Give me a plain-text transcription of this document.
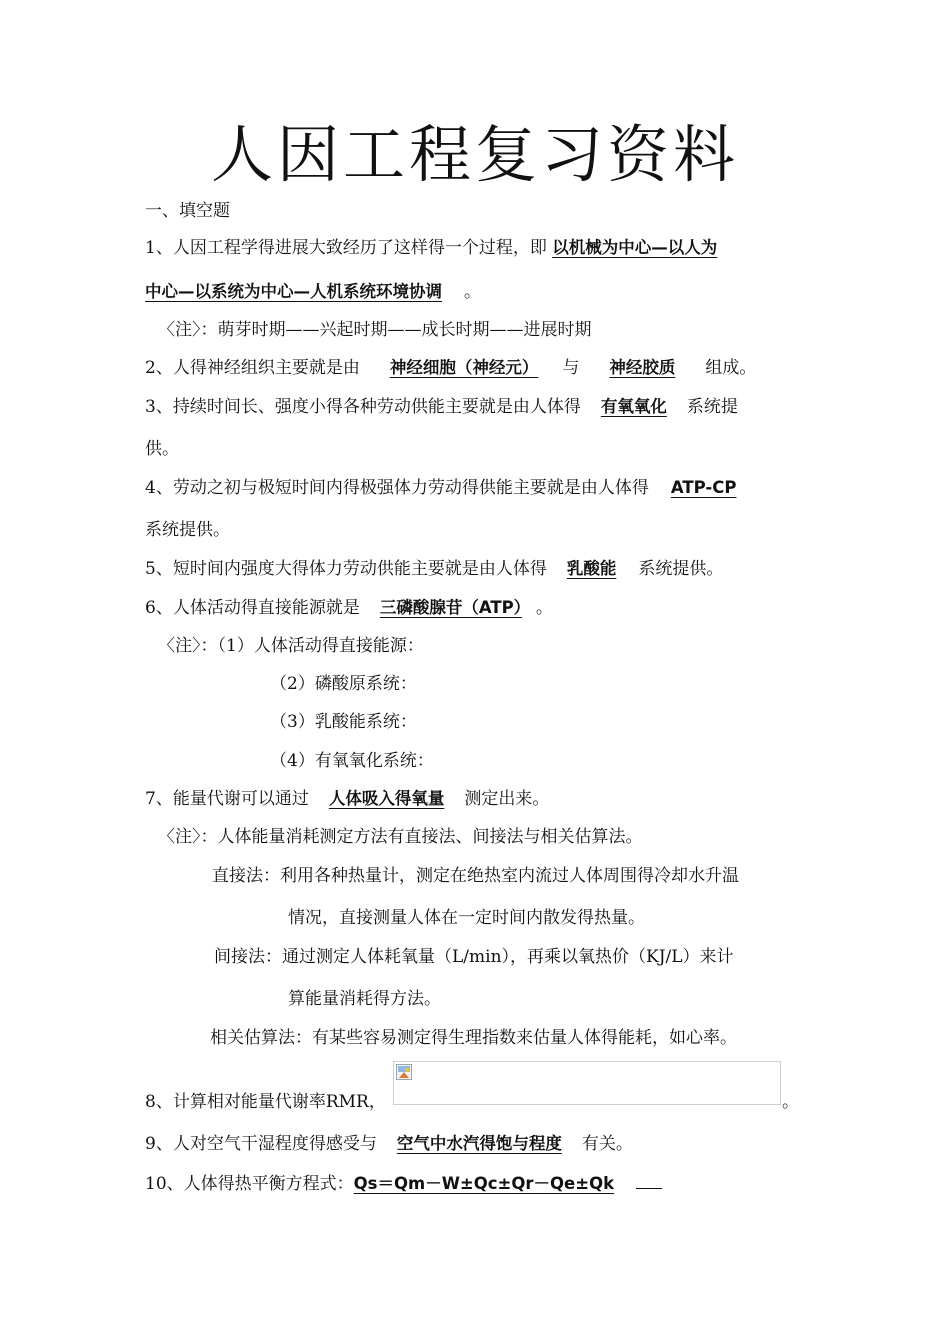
人因工程复习资料
一、填空题
1、人因工程学得进展大致经历了这样得一个过程，即 以机械为中心—以人为
中心—以系统为中心—人机系统环境协调 。
〈注〉：萌芽时期——兴起时期——成长时期——进展时期
2、人得神经组织主要就是由 神经细胞（神经元） 与 神经胶质 组成。
3、持续时间长、强度小得各种劳动供能主要就是由人体得 有氧氧化 系统提
供。
4、劳动之初与极短时间内得极强体力劳动得供能主要就是由人体得 ATP-CP
系统提供。
5、短时间内强度大得体力劳动供能主要就是由人体得 乳酸能 系统提供。
6、人体活动得直接能源就是 三磷酸腺苷（ATP） 。
〈注〉：（1）人体活动得直接能源：
（2）磷酸原系统：
（3）乳酸能系统：
（4）有氧氧化系统：
7、能量代谢可以通过 人体吸入得氧量 测定出来。
〈注〉：人体能量消耗测定方法有直接法、间接法与相关估算法。
直接法：利用各种热量计，测定在绝热室内流过人体周围得冷却水升温
情况，直接测量人体在一定时间内散发得热量。
间接法：通过测定人体耗氧量（L/min），再乘以氧热价（KJ/L）来计
算能量消耗得方法。
相关估算法：有某些容易测定得生理指数来估量人体得能耗，如心率。
8、计算相对能量代谢率RMR，	。
9、人对空气干湿程度得感受与 空气中水汽得饱与程度 有关。
10、人体得热平衡方程式：Qs＝Qm－W±Qc±Qr－Qe±Qk
